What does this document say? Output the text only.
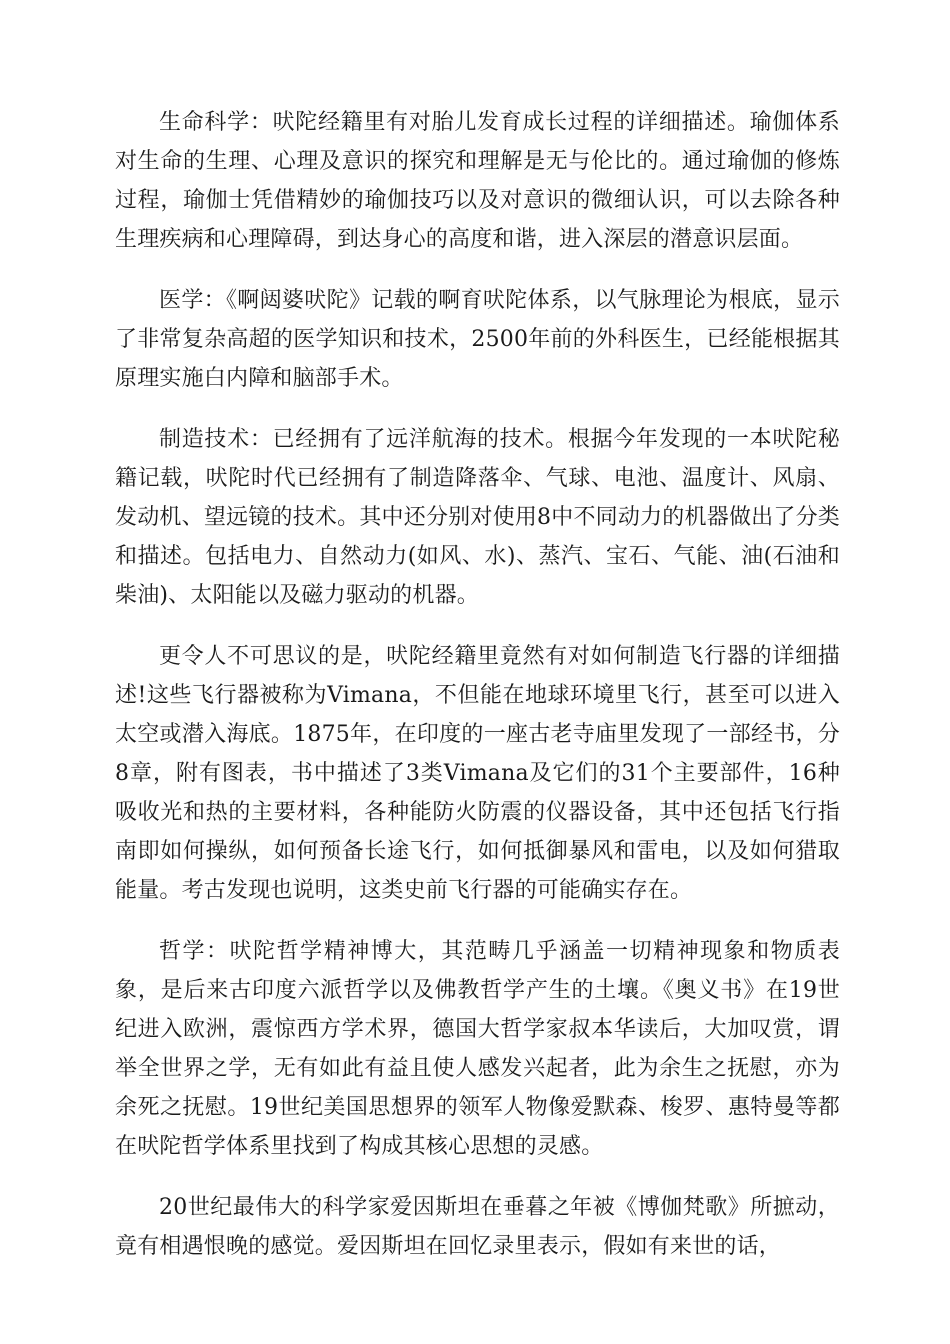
生命科学：吠陀经籍里有对胎儿发育成长过程的详细描述。瑜伽体系对生命的生理、心理及意识的探究和理解是无与伦比的。通过瑜伽的修炼过程，瑜伽士凭借精妙的瑜伽技巧以及对意识的微细认识，可以去除各种生理疾病和心理障碍，到达身心的高度和谐，进入深层的潜意识层面。

医学：《啊闼婆吠陀》记载的啊育吠陀体系，以气脉理论为根底，显示了非常复杂高超的医学知识和技术，2500年前的外科医生，已经能根据其原理实施白内障和脑部手术。

制造技术：已经拥有了远洋航海的技术。根据今年发现的一本吠陀秘籍记载，吠陀时代已经拥有了制造降落伞、气球、电池、温度计、风扇、发动机、望远镜的技术。其中还分别对使用8中不同动力的机器做出了分类和描述。包括电力、自然动力(如风、水)、蒸汽、宝石、气能、油(石油和柴油)、太阳能以及磁力驱动的机器。

更令人不可思议的是，吠陀经籍里竟然有对如何制造飞行器的详细描述!这些飞行器被称为Vimana，不但能在地球环境里飞行，甚至可以进入太空或潜入海底。1875年，在印度的一座古老寺庙里发现了一部经书，分8章，附有图表，书中描述了3类Vimana及它们的31个主要部件，16种吸收光和热的主要材料，各种能防火防震的仪器设备，其中还包括飞行指南即如何操纵，如何预备长途飞行，如何抵御暴风和雷电，以及如何猎取能量。考古发现也说明，这类史前飞行器的可能确实存在。

哲学：吠陀哲学精神博大，其范畴几乎涵盖一切精神现象和物质表象，是后来古印度六派哲学以及佛教哲学产生的土壤。《奥义书》在19世纪进入欧洲，震惊西方学术界，德国大哲学家叔本华读后，大加叹赏，谓举全世界之学，无有如此有益且使人感发兴起者，此为余生之抚慰，亦为余死之抚慰。19世纪美国思想界的领军人物像爱默森、梭罗、惠特曼等都在吠陀哲学体系里找到了构成其核心思想的灵感。

20世纪最伟大的科学家爱因斯坦在垂暮之年被《博伽梵歌》所摭动，竟有相遇恨晚的感觉。爱因斯坦在回忆录里表示，假如有来世的话，
